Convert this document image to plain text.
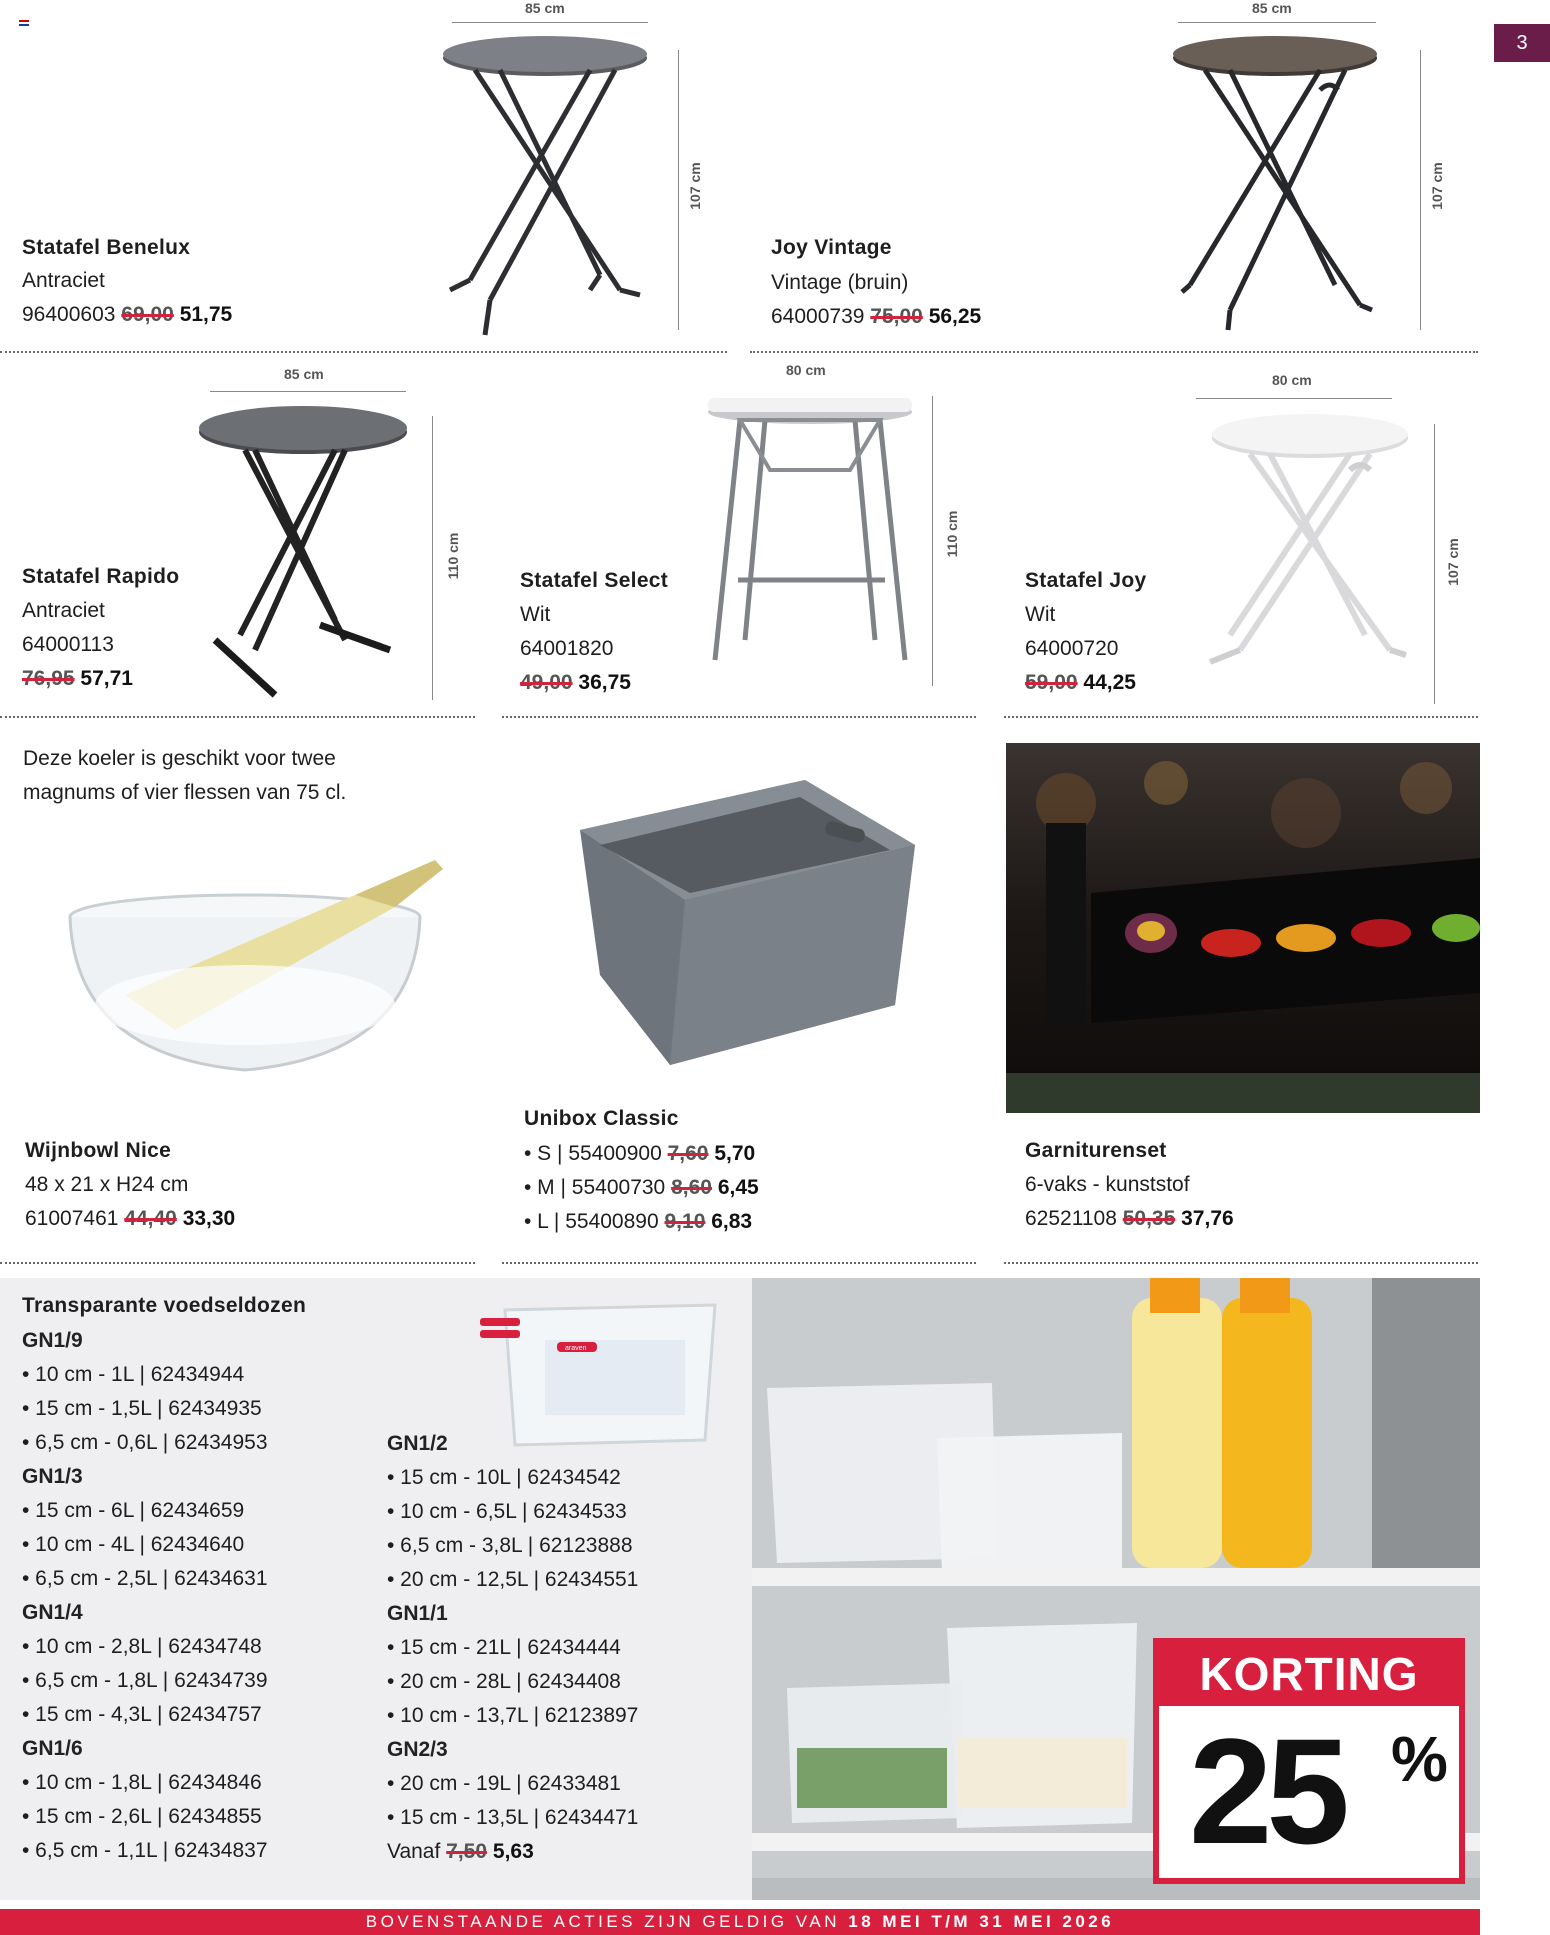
3
85 cm
107 cm
Statafel Benelux
Antraciet
96400603 69,00 51,75
85 cm
107 cm
Joy Vintage
Vintage (bruin)
64000739 75,00 56,25
85 cm
110 cm
Statafel Rapido
Antraciet
64000113
76,95 57,71
80 cm
110 cm
Statafel Select
Wit
64001820
49,00 36,75
80 cm
107 cm
Statafel Joy
Wit
64000720
59,00 44,25
Deze koeler is geschikt voor twee
magnums of vier flessen van 75 cl.
Wijnbowl Nice
48 x 21 x H24 cm
61007461 44,40 33,30
Unibox Classic
• S | 55400900 7,60 5,70
• M | 55400730 8,60 6,45
• L | 55400890 9,10 6,83
Garniturenset
6-vaks - kunststof
62521108 50,35 37,76
Transparante voedseldozen
araven
GN1/9
• 10 cm - 1L | 62434944
• 15 cm - 1,5L | 62434935
• 6,5 cm - 0,6L | 62434953
GN1/3
• 15 cm - 6L | 62434659
• 10 cm - 4L | 62434640
• 6,5 cm - 2,5L | 62434631
GN1/4
• 10 cm - 2,8L | 62434748
• 6,5 cm - 1,8L | 62434739
• 15 cm - 4,3L | 62434757
GN1/6
• 10 cm - 1,8L | 62434846
• 15 cm - 2,6L | 62434855
• 6,5 cm - 1,1L | 62434837
GN1/2
• 15 cm - 10L | 62434542
• 10 cm - 6,5L | 62434533
• 6,5 cm - 3,8L | 62123888
• 20 cm - 12,5L | 62434551
GN1/1
• 15 cm - 21L | 62434444
• 20 cm - 28L | 62434408
• 10 cm - 13,7L | 62123897
GN2/3
• 20 cm - 19L | 62433481
• 15 cm - 13,5L | 62434471
Vanaf 7,50 5,63
KORTING
25 %
BOVENSTAANDE ACTIES ZIJN GELDIG VAN 18 MEI T/M 31 MEI 2026
